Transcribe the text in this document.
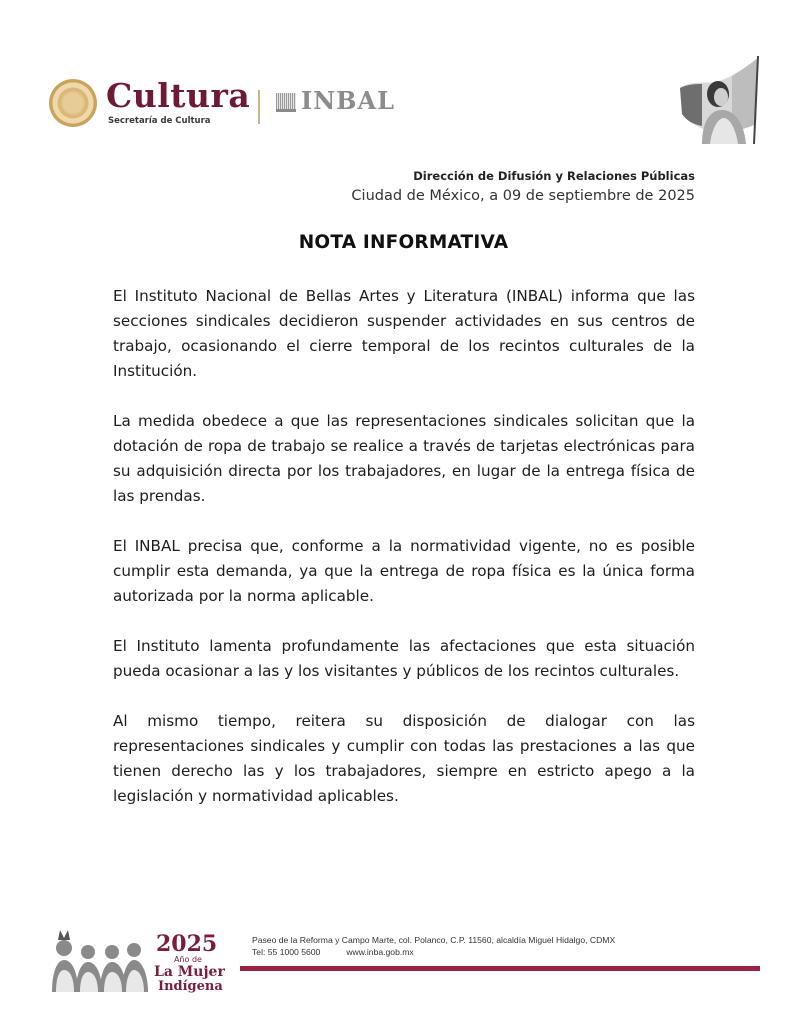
Cultura
Secretaría de Cultura
INBAL
Dirección de Difusión y Relaciones Públicas
Ciudad de México, a 09 de septiembre de 2025
NOTA INFORMATIVA

El Instituto Nacional de Bellas Artes y Literatura (INBAL) informa que las secciones sindicales decidieron suspender actividades en sus centros de trabajo, ocasionando el cierre temporal de los recintos culturales de la Institución.

La medida obedece a que las representaciones sindicales solicitan que la dotación de ropa de trabajo se realice a través de tarjetas electrónicas para su adquisición directa por los trabajadores, en lugar de la entrega física de las prendas.

El INBAL precisa que, conforme a la normatividad vigente, no es posible cumplir esta demanda, ya que la entrega de ropa física es la única forma autorizada por la norma aplicable.

El Instituto lamenta profundamente las afectaciones que esta situación pueda ocasionar a las y los visitantes y públicos de los recintos culturales.

Al mismo tiempo, reitera su disposición de dialogar con las representaciones sindicales y cumplir con todas las prestaciones a las que tienen derecho las y los trabajadores, siempre en estricto apego a la legislación y normatividad aplicables.

2025
Año de
La Mujer
Indígena
Paseo de la Reforma y Campo Marte, col. Polanco, C.P. 11560, alcaldía Miguel Hidalgo, CDMX
Tel: 55 1000 5600	www.inba.gob.mx
